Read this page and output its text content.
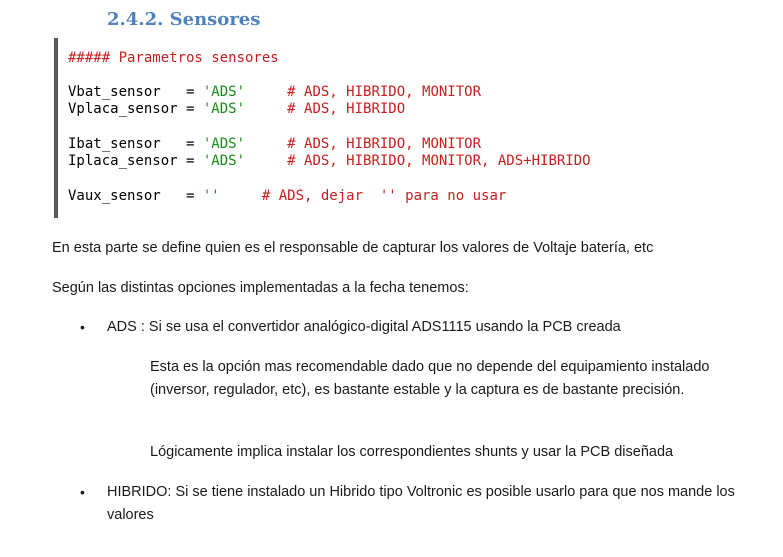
2.4.2. Sensores

##### Parametros sensores

Vbat_sensor   = 'ADS'     # ADS, HIBRIDO, MONITOR

Vplaca_sensor = 'ADS'     # ADS, HIBRIDO

Ibat_sensor   = 'ADS'     # ADS, HIBRIDO, MONITOR

Iplaca_sensor = 'ADS'     # ADS, HIBRIDO, MONITOR, ADS+HIBRIDO

Vaux_sensor   = ''     # ADS, dejar  '' para no usar

En esta parte se define quien es el responsable de capturar los valores de Voltaje batería, etc

Según las distintas opciones implementadas a la fecha tenemos:

• ADS : Si se usa el convertidor analógico-digital ADS1115 usando la PCB creada

Esta es la opción mas recomendable dado que no depende del equipamiento instalado (inversor, regulador, etc), es bastante estable y la captura es de bastante precisión.

Lógicamente implica instalar los correspondientes shunts y usar la PCB diseñada

• HIBRIDO: Si se tiene instalado un Hibrido tipo Voltronic es posible usarlo para que nos mande los valores
